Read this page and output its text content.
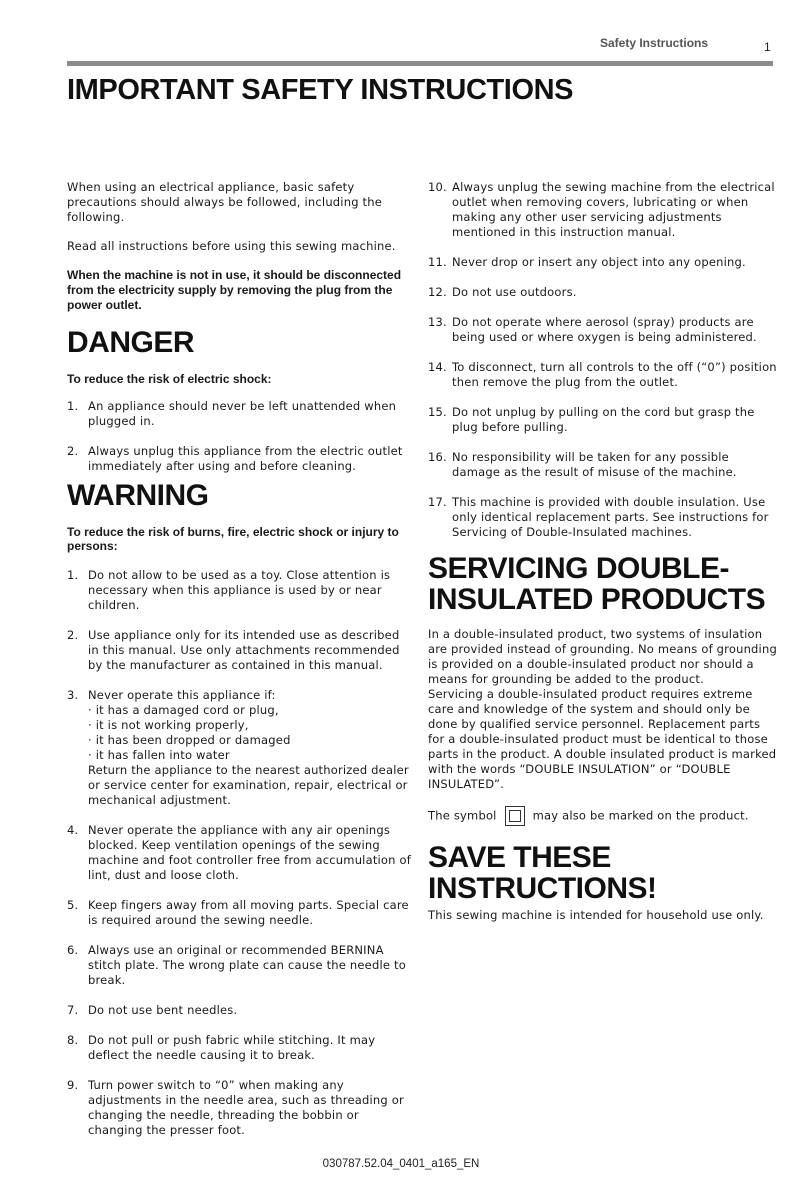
Safety Instructions	1
IMPORTANT SAFETY INSTRUCTIONS

When using an electrical appliance, basic safety precautions should always be followed, including the following.

Read all instructions before using this sewing machine.

When the machine is not in use, it should be disconnected from the electricity supply by removing the plug from the power outlet.

DANGER
To reduce the risk of electric shock:
1. An appliance should never be left unattended when plugged in.
2. Always unplug this appliance from the electric outlet immediately after using and before cleaning.
WARNING
To reduce the risk of burns, fire, electric shock or injury to persons:
1. Do not allow to be used as a toy. Close attention is necessary when this appliance is used by or near children.
2. Use appliance only for its intended use as described in this manual. Use only attachments recommended by the manufacturer as contained in this manual.
3. Never operate this appliance if:
· it has a damaged cord or plug,
· it is not working properly,
· it has been dropped or damaged
· it has fallen into water
Return the appliance to the nearest authorized dealer or service center for examination, repair, electrical or mechanical adjustment.
4. Never operate the appliance with any air openings blocked. Keep ventilation openings of the sewing machine and foot controller free from accumulation of lint, dust and loose cloth.
5. Keep fingers away from all moving parts. Special care is required around the sewing needle.
6. Always use an original or recommended BERNINA stitch plate. The wrong plate can cause the needle to break.
7. Do not use bent needles.
8. Do not pull or push fabric while stitching. It may deflect the needle causing it to break.
9. Turn power switch to “0” when making any adjustments in the needle area, such as threading or changing the needle, threading the bobbin or changing the presser foot.
10. Always unplug the sewing machine from the electrical outlet when removing covers, lubricating or when making any other user servicing adjustments mentioned in this instruction manual.
11. Never drop or insert any object into any opening.
12. Do not use outdoors.
13. Do not operate where aerosol (spray) products are being used or where oxygen is being administered.
14. To disconnect, turn all controls to the off (“0”) position then remove the plug from the outlet.
15. Do not unplug by pulling on the cord but grasp the plug before pulling.
16. No responsibility will be taken for any possible damage as the result of misuse of the machine.
17. This machine is provided with double insulation. Use only identical replacement parts. See instructions for Servicing of Double-Insulated machines.
SERVICING DOUBLE-
INSULATED PRODUCTS

In a double-insulated product, two systems of insulation are provided instead of grounding. No means of grounding is provided on a double-insulated product nor should a means for grounding be added to the product.

Servicing a double-insulated product requires extreme care and knowledge of the system and should only be done by qualified service personnel. Replacement parts for a double-insulated product must be identical to those parts in the product. A double insulated product is marked with the words “DOUBLE INSULATION” or “DOUBLE INSULATED”.

The symbol	may also be marked on the product.

SAVE THESE
INSTRUCTIONS!

This sewing machine is intended for household use only.

030787.52.04_0401_a165_EN
